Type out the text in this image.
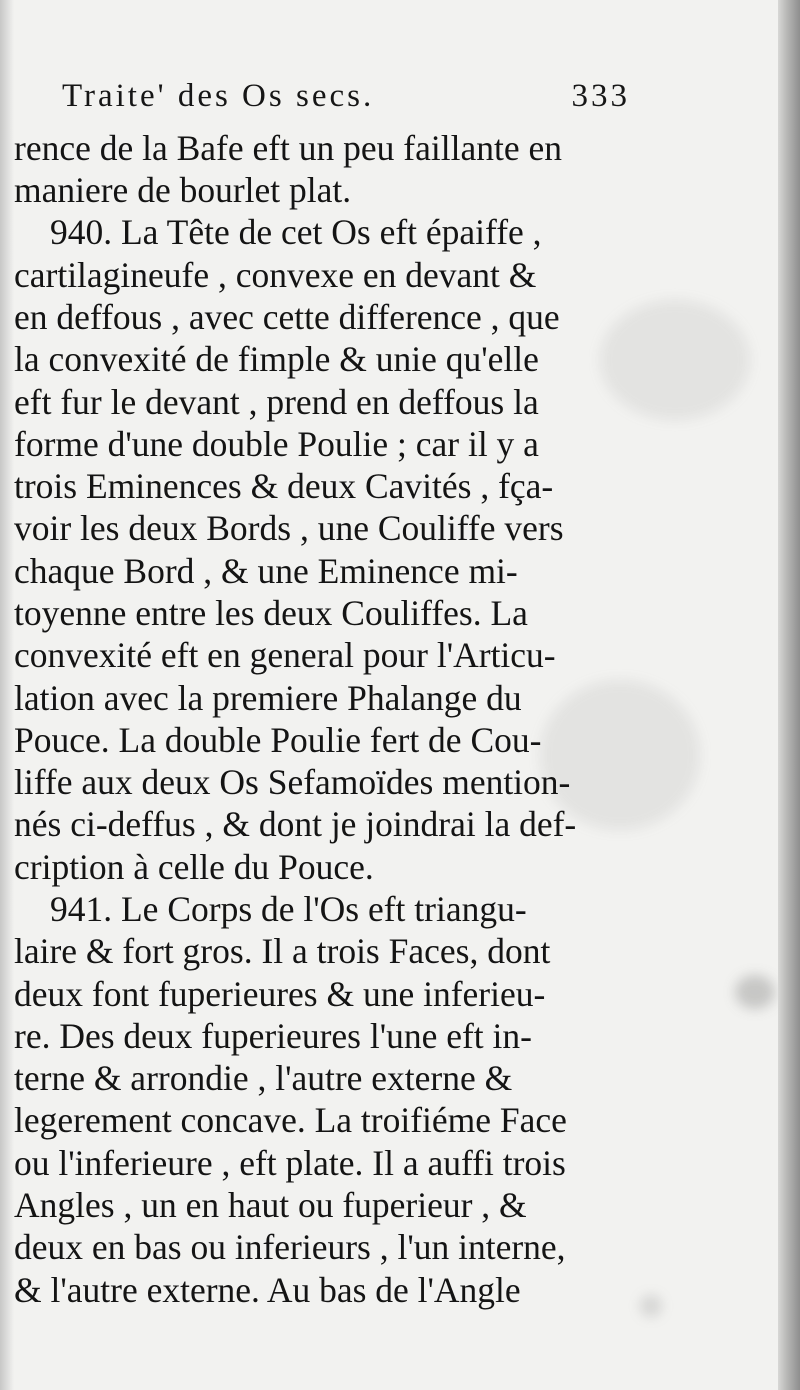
Traite' des Os secs.	333
rence de la Bafe eft un peu faillante en
maniere de bourlet plat.
940. La Tête de cet Os eft épaiffe ,
cartilagineufe , convexe en devant &
en deffous , avec cette difference , que
la convexité de fimple & unie qu'elle
eft fur le devant , prend en deffous la
forme d'une double Poulie ; car il y a
trois Eminences & deux Cavités , fça-
voir les deux Bords , une Couliffe vers
chaque Bord , & une Eminence mi-
toyenne entre les deux Couliffes. La
convexité eft en general pour l'Articu-
lation avec la premiere Phalange du
Pouce. La double Poulie fert de Cou-
liffe aux deux Os Sefamoïdes mention-
nés ci-deffus , & dont je joindrai la def-
cription à celle du Pouce.
941. Le Corps de l'Os eft triangu-
laire & fort gros. Il a trois Faces, dont
deux font fuperieures & une inferieu-
re. Des deux fuperieures l'une eft in-
terne & arrondie , l'autre externe &
legerement concave. La troifiéme Face
ou l'inferieure , eft plate. Il a auffi trois
Angles , un en haut ou fuperieur , &
deux en bas ou inferieurs , l'un interne,
& l'autre externe. Au bas de l'Angle
